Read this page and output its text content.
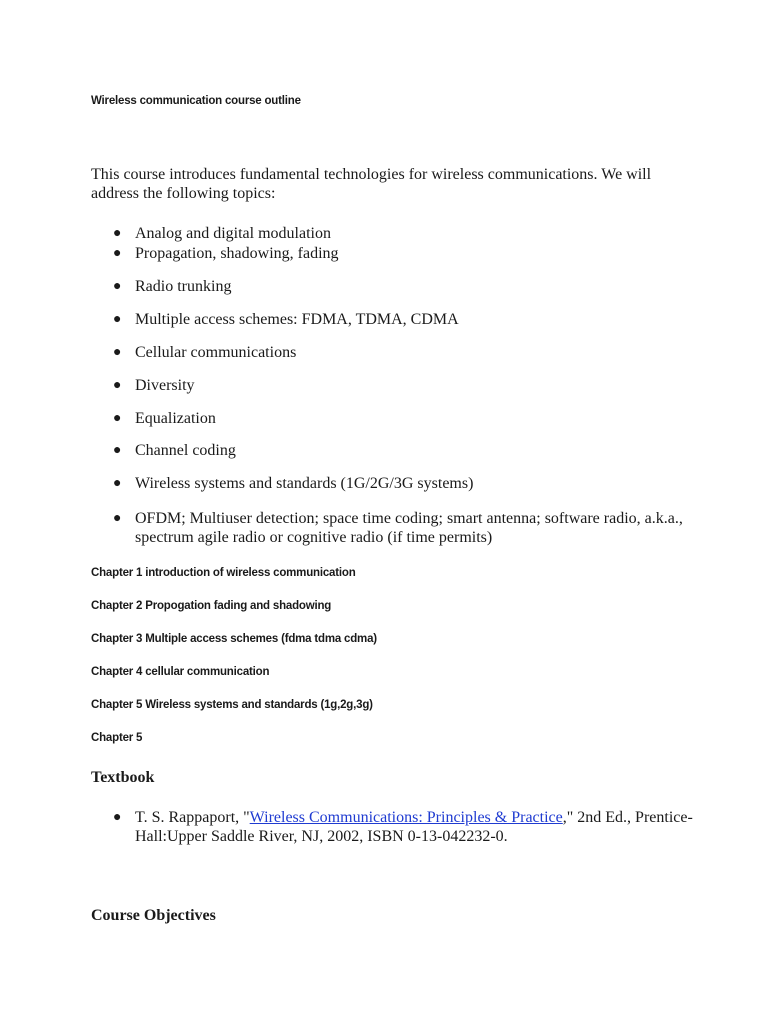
Wireless communication course outline

This course introduces fundamental technologies for wireless communications. We will address the following topics:

● Analog and digital modulation
● Propagation, shadowing, fading
● Radio trunking
● Multiple access schemes: FDMA, TDMA, CDMA
● Cellular communications
● Diversity
● Equalization
● Channel coding
● Wireless systems and standards (1G/2G/3G systems)
● OFDM; Multiuser detection; space time coding; smart antenna; software radio, a.k.a., spectrum agile radio or cognitive radio (if time permits)

Chapter 1 introduction of wireless communication

Chapter 2 Propogation fading and shadowing

Chapter 3 Multiple access schemes (fdma tdma cdma)

Chapter 4 cellular communication

Chapter 5 Wireless systems and standards (1g,2g,3g)

Chapter 5

Textbook

● T. S. Rappaport, "Wireless Communications: Principles & Practice," 2nd Ed., Prentice-Hall:Upper Saddle River, NJ, 2002, ISBN 0-13-042232-0.

Course Objectives
